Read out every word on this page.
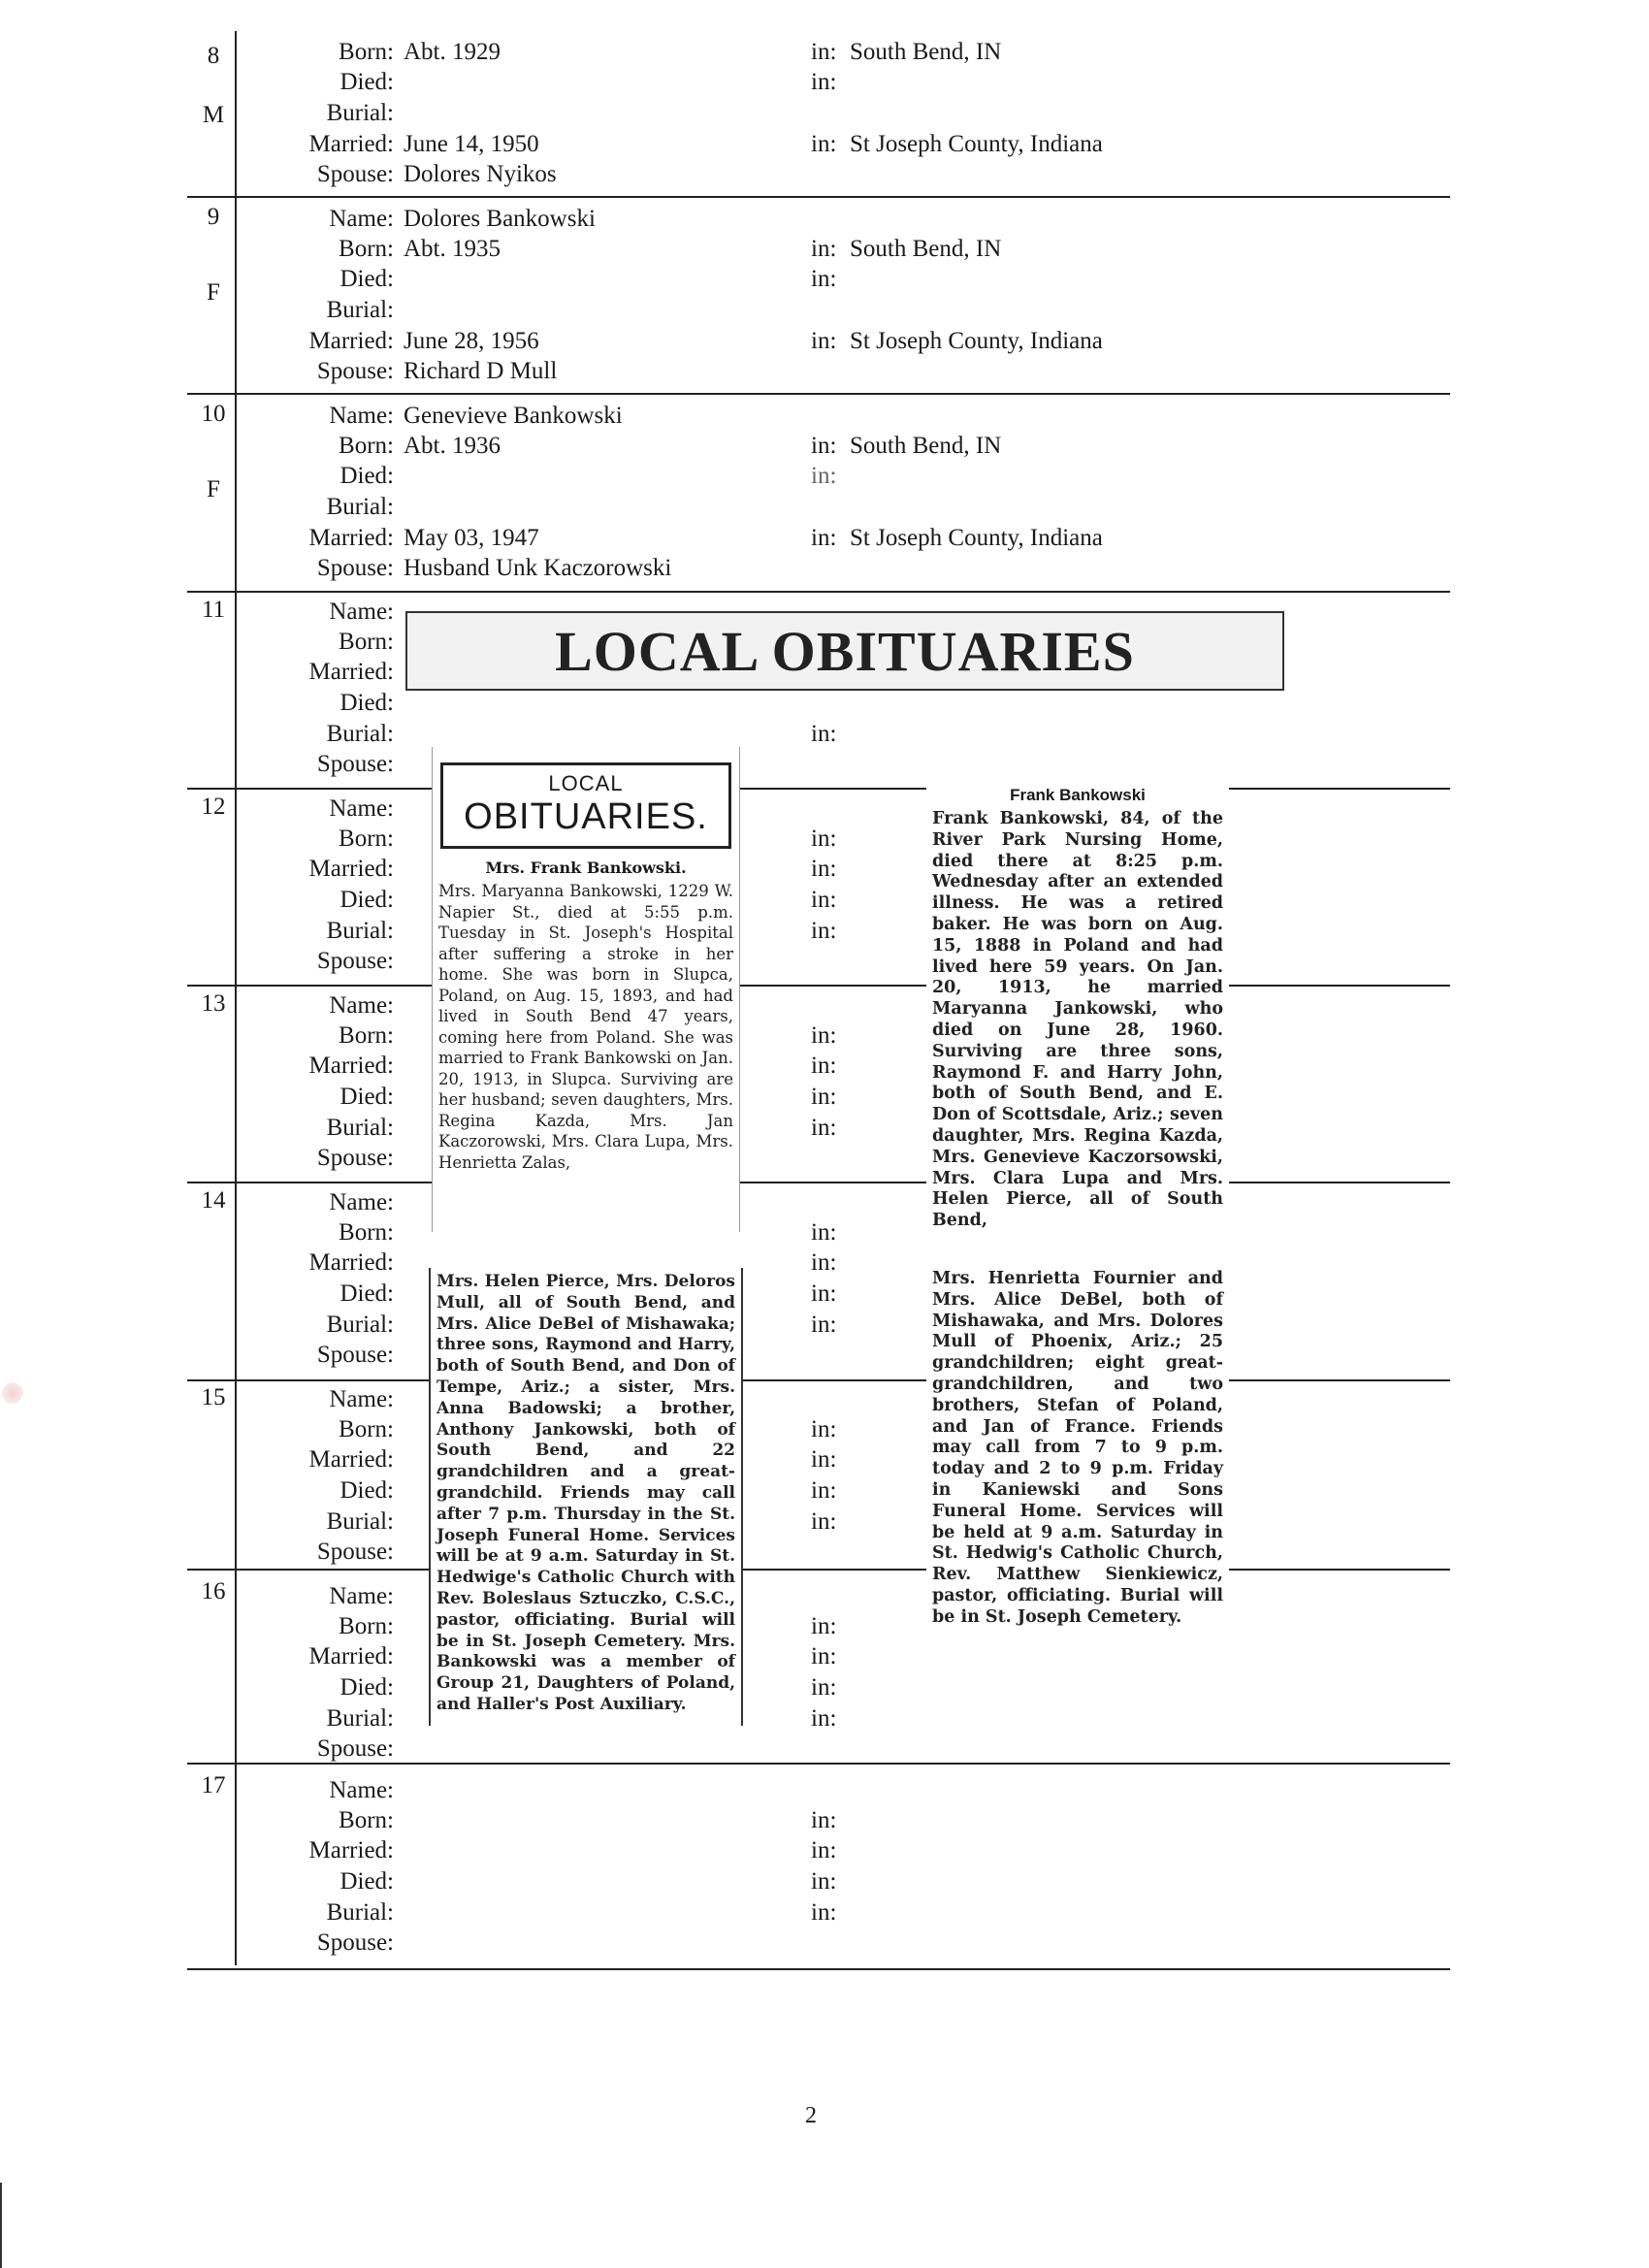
8
M
Born: Abt. 1929	in: South Bend, IN
Died:	in:
Burial:
Married: June 14, 1950	in: St Joseph County, Indiana
Spouse: Dolores Nyikos
9
F
Name: Dolores Bankowski
Born: Abt. 1935	in: South Bend, IN
Died:	in:
Burial:
Married: June 28, 1956	in: St Joseph County, Indiana
Spouse: Richard D Mull
10
F
Name: Genevieve Bankowski
Born: Abt. 1936	in: South Bend, IN
Died:	in:
Burial:
Married: May 03, 1947	in: St Joseph County, Indiana
Spouse: Husband Unk Kaczorowski
11	Name:
Born:
Married:
Died:
Burial:	in:
Spouse:
12	Name:
Born:	in:
Married:	in:
Died:	in:
Burial:	in:
Spouse:
13	Name:
Born:	in:
Married:	in:
Died:	in:
Burial:	in:
Spouse:
14	Name:
Born:	in:
Married:	in:
Died:	in:
Burial:	in:
Spouse:
15	Name:
Born:	in:
Married:	in:
Died:	in:
Burial:	in:
Spouse:
16	Name:
Born:	in:
Married:	in:
Died:	in:
Burial:	in:
Spouse:
17	Name:
Born:	in:
Married:	in:
Died:	in:
Burial:	in:
Spouse:
LOCAL OBITUARIES
LOCAL
OBITUARIES.
Mrs. Frank Bankowski.
Mrs. Maryanna Bankowski, 1229 W. Napier St., died at 5:55 p.m. Tuesday in St. Joseph's Hospital after suffering a stroke in her home. She was born in Slupca, Poland, on Aug. 15, 1893, and had lived in South Bend 47 years, coming here from Poland. She was married to Frank Bankowski on Jan. 20, 1913, in Slupca. Surviving are her husband; seven daughters, Mrs. Regina Kazda, Mrs. Jan Kaczorowski, Mrs. Clara Lupa, Mrs. Henrietta Zalas,
Mrs. Helen Pierce, Mrs. Deloros Mull, all of South Bend, and Mrs. Alice DeBel of Mishawaka; three sons, Raymond and Harry, both of South Bend, and Don of Tempe, Ariz.; a sister, Mrs. Anna Badowski; a brother, Anthony Jankowski, both of South Bend, and 22 grandchildren and a great-grandchild. Friends may call after 7 p.m. Thursday in the St. Joseph Funeral Home. Services will be at 9 a.m. Saturday in St. Hedwige's Catholic Church with Rev. Boleslaus Sztuczko, C.S.C., pastor, officiating. Burial will be in St. Joseph Cemetery. Mrs. Bankowski was a member of Group 21, Daughters of Poland, and Haller's Post Auxiliary.
Frank Bankowski
Frank Bankowski, 84, of the River Park Nursing Home, died there at 8:25 p.m. Wednesday after an extended illness. He was a retired baker. He was born on Aug. 15, 1888 in Poland and had lived here 59 years. On Jan. 20, 1913, he married Maryanna Jankowski, who died on June 28, 1960. Surviving are three sons, Raymond F. and Harry John, both of South Bend, and E. Don of Scottsdale, Ariz.; seven daughter, Mrs. Regina Kazda, Mrs. Genevieve Kaczorsowski, Mrs. Clara Lupa and Mrs. Helen Pierce, all of South Bend,
Mrs. Henrietta Fournier and Mrs. Alice DeBel, both of Mishawaka, and Mrs. Dolores Mull of Phoenix, Ariz.; 25 grandchildren; eight great-grandchildren, and two brothers, Stefan of Poland, and Jan of France. Friends may call from 7 to 9 p.m. today and 2 to 9 p.m. Friday in Kaniewski and Sons Funeral Home. Services will be held at 9 a.m. Saturday in St. Hedwig's Catholic Church, Rev. Matthew Sienkiewicz, pastor, officiating. Burial will be in St. Joseph Cemetery.
2
